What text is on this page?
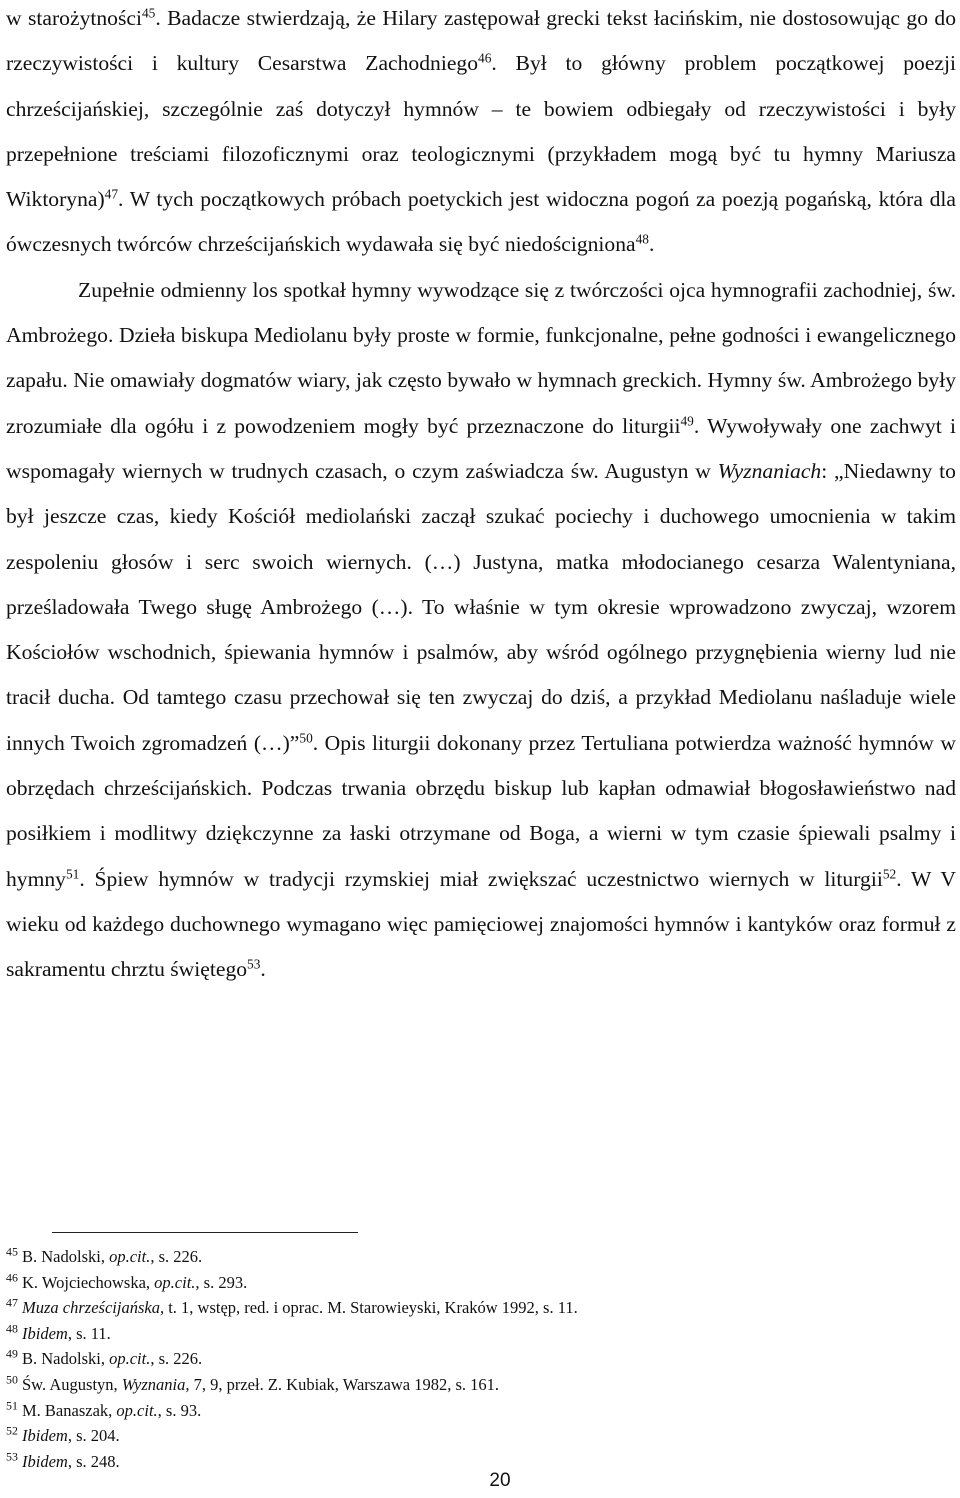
w starożytności$^{45}$. Badacze stwierdzają, że Hilary zastępował grecki tekst łacińskim, nie dostosowując go do rzeczywistości i kultury Cesarstwa Zachodniego$^{46}$. Był to główny problem początkowej poezji chrześcijańskiej, szczególnie zaś dotyczył hymnów – te bowiem odbiegały od rzeczywistości i były przepełnione treściami filozoficznymi oraz teologicznymi (przykładem mogą być tu hymny Mariusza Wiktoryna)$^{47}$. W tych początkowych próbach poetyckich jest widoczna pogoń za poezją pogańską, która dla ówczesnych twórców chrześcijańskich wydawała się być niedościgniona$^{48}$.

Zupełnie odmienny los spotkał hymny wywodzące się z twórczości ojca hymnografii zachodniej, św. Ambrożego. Dzieła biskupa Mediolanu były proste w formie, funkcjonalne, pełne godności i ewangelicznego zapału. Nie omawiały dogmatów wiary, jak często bywało w hymnach greckich. Hymny św. Ambrożego były zrozumiałe dla ogółu i z powodzeniem mogły być przeznaczone do liturgii$^{49}$. Wywoływały one zachwyt i wspomagały wiernych w trudnych czasach, o czym zaświadcza św. Augustyn w Wyznaniach: „Niedawny to był jeszcze czas, kiedy Kościół mediolański zaczął szukać pociechy i duchowego umocnienia w takim zespoleniu głosów i serc swoich wiernych. (…) Justyna, matka młodocianego cesarza Walentyniana, prześladowała Twego sługę Ambrożego (…). To właśnie w tym okresie wprowadzono zwyczaj, wzorem Kościołów wschodnich, śpiewania hymnów i psalmów, aby wśród ogólnego przygnębienia wierny lud nie tracił ducha. Od tamtego czasu przechował się ten zwyczaj do dziś, a przykład Mediolanu naśladuje wiele innych Twoich zgromadzeń (…)”$^{50}$. Opis liturgii dokonany przez Tertuliana potwierdza ważność hymnów w obrzędach chrześcijańskich. Podczas trwania obrzędu biskup lub kapłan odmawiał błogosławieństwo nad posiłkiem i modlitwy dziękczynne za łaski otrzymane od Boga, a wierni w tym czasie śpiewali psalmy i hymny$^{51}$. Śpiew hymnów w tradycji rzymskiej miał zwiększać uczestnictwo wiernych w liturgii$^{52}$. W V wieku od każdego duchownego wymagano więc pamięciowej znajomości hymnów i kantyków oraz formuł z sakramentu chrztu świętego$^{53}$.

$^{45}$ B. Nadolski, op.cit., s. 226.
$^{46}$ K. Wojciechowska, op.cit., s. 293.
$^{47}$ Muza chrześcijańska, t. 1, wstęp, red. i oprac. M. Starowieyski, Kraków 1992, s. 11.
$^{48}$ Ibidem, s. 11.
$^{49}$ B. Nadolski, op.cit., s. 226.
$^{50}$ Św. Augustyn, Wyznania, 7, 9, przeł. Z. Kubiak, Warszawa 1982, s. 161.
$^{51}$ M. Banaszak, op.cit., s. 93.
$^{52}$ Ibidem, s. 204.
$^{53}$ Ibidem, s. 248.
20
